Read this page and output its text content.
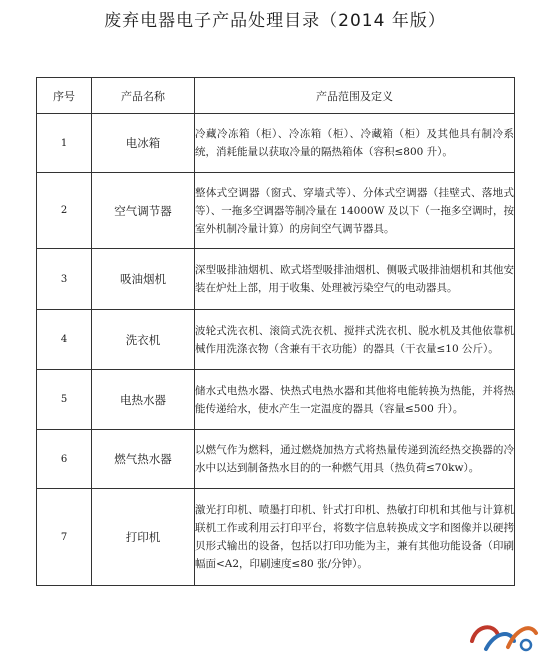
废弃电器电子产品处理目录（2014 年版）
序号	产品名称	产品范围及定义
1	电冰箱	冷藏冷冻箱（柜）、冷冻箱（柜）、冷藏箱（柜）及其他具有制冷系统，消耗能量以获取冷量的隔热箱体（容积≤800 升）。
2	空气调节器	整体式空调器（窗式、穿墙式等）、分体式空调器（挂壁式、落地式等）、一拖多空调器等制冷量在 14000W 及以下（一拖多空调时，按室外机制冷量计算）的房间空气调节器具。
3	吸油烟机	深型吸排油烟机、欧式塔型吸排油烟机、侧吸式吸排油烟机和其他安装在炉灶上部，用于收集、处理被污染空气的电动器具。
4	洗衣机	波轮式洗衣机、滚筒式洗衣机、搅拌式洗衣机、脱水机及其他依靠机械作用洗涤衣物（含兼有干衣功能）的器具（干衣量≤10 公斤）。
5	电热水器	储水式电热水器、快热式电热水器和其他将电能转换为热能，并将热能传递给水，使水产生一定温度的器具（容量≤500 升）。
6	燃气热水器	以燃气作为燃料，通过燃烧加热方式将热量传递到流经热交换器的冷水中以达到制备热水目的的一种燃气用具（热负荷≤70kw）。
7	打印机	激光打印机、喷墨打印机、针式打印机、热敏打印机和其他与计算机联机工作或利用云打印平台，将数字信息转换成文字和图像并以硬拷贝形式输出的设备，包括以打印功能为主，兼有其他功能设备（印刷幅面<A2，印刷速度≤80 张/分钟）。
